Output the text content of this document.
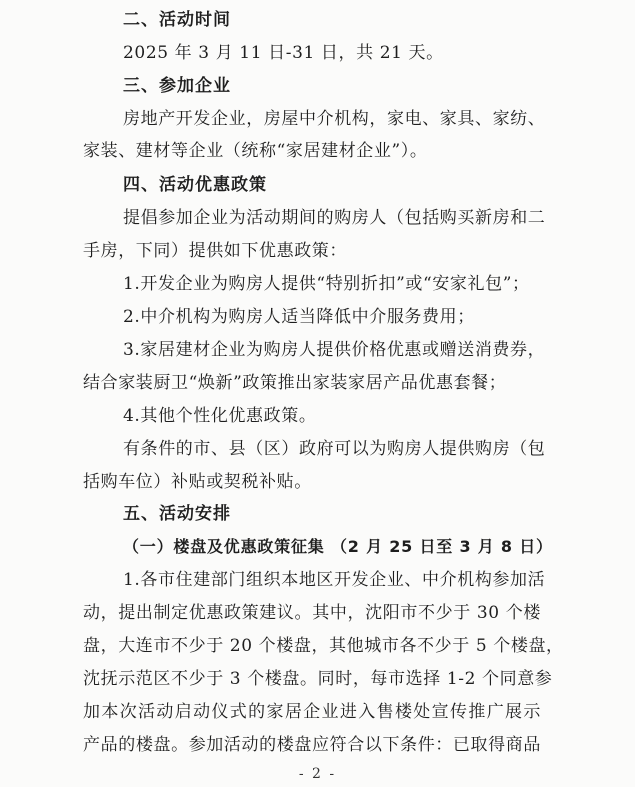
二、活动时间
2025 年 3 月 11 日-31 日，共 21 天。
三、参加企业
房地产开发企业，房屋中介机构，家电、家具、家纺、
家装、建材等企业（统称“家居建材企业”）。
四、活动优惠政策
提倡参加企业为活动期间的购房人（包括购买新房和二
手房，下同）提供如下优惠政策：
1.开发企业为购房人提供“特别折扣”或“安家礼包”；
2.中介机构为购房人适当降低中介服务费用；
3.家居建材企业为购房人提供价格优惠或赠送消费券，
结合家装厨卫“焕新”政策推出家装家居产品优惠套餐；
4.其他个性化优惠政策。
有条件的市、县（区）政府可以为购房人提供购房（包
括购车位）补贴或契税补贴。
五、活动安排
（一）楼盘及优惠政策征集 （2 月 25 日至 3 月 8 日）
1.各市住建部门组织本地区开发企业、中介机构参加活
动，提出制定优惠政策建议。其中，沈阳市不少于 30 个楼
盘，大连市不少于 20 个楼盘，其他城市各不少于 5 个楼盘，
沈抚示范区不少于 3 个楼盘。同时，每市选择 1-2 个同意参
加本次活动启动仪式的家居企业进入售楼处宣传推广展示
产品的楼盘。参加活动的楼盘应符合以下条件：已取得商品
- 2 -
